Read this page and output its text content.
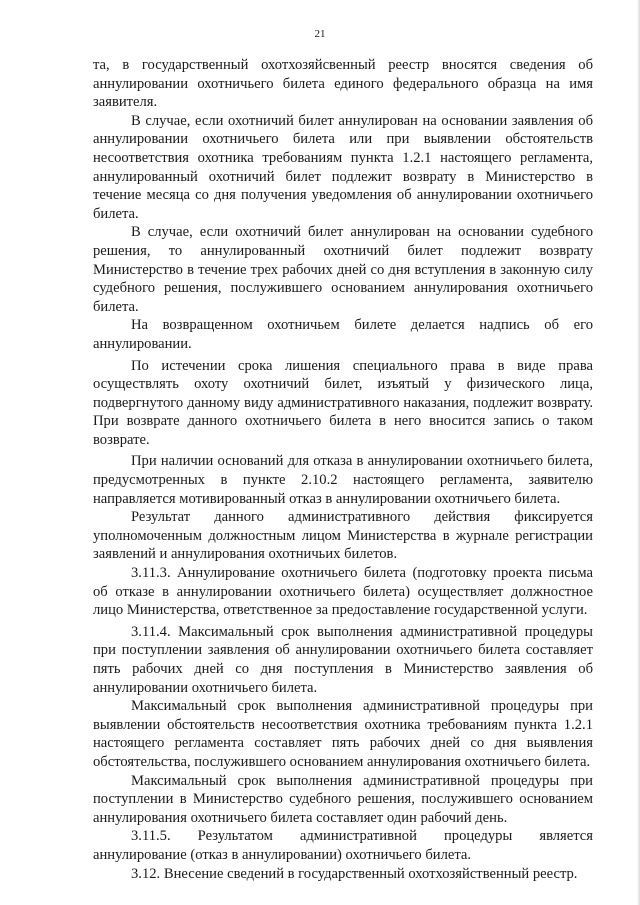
21

та, в государственный охотхозяйсвенный реестр вносятся сведения об аннулировании охотничьего билета единого федерального образца на имя заявителя.

В случае, если охотничий билет аннулирован на основании заявления об аннулировании охотничьего билета или при выявлении обстоятельств несоответствия охотника требованиям пункта 1.2.1 настоящего регламента, аннулированный охотничий билет подлежит возврату в Министерство в течение месяца со дня получения уведомления об аннулировании охотничьего билета.

В случае, если охотничий билет аннулирован на основании судебного решения, то аннулированный охотничий билет подлежит возврату Министерство в течение трех рабочих дней со дня вступления в законную силу судебного решения, послужившего основанием аннулирования охотничьего билета.

На возвращенном охотничьем билете делается надпись об его аннулировании.

По истечении срока лишения специального права в виде права осуществлять охоту охотничий билет, изъятый у физического лица, подвергнутого данному виду административного наказания, подлежит возврату. При возврате данного охотничьего билета в него вносится запись о таком возврате.

При наличии оснований для отказа в аннулировании охотничьего билета, предусмотренных в пункте 2.10.2 настоящего регламента, заявителю направляется мотивированный отказ в аннулировании охотничьего билета.

Результат данного административного действия фиксируется уполномоченным должностным лицом Министерства в журнале регистрации заявлений и аннулирования охотничьих билетов.

3.11.3. Аннулирование охотничьего билета (подготовку проекта письма об отказе в аннулировании охотничьего билета) осуществляет должностное лицо Министерства, ответственное за предоставление государственной услуги.

3.11.4. Максимальный срок выполнения административной процедуры при поступлении заявления об аннулировании охотничьего билета составляет пять рабочих дней со дня поступления в Министерство заявления об аннулировании охотничьего билета.

Максимальный срок выполнения административной процедуры при выявлении обстоятельств несоответствия охотника требованиям пункта 1.2.1 настоящего регламента составляет пять рабочих дней со дня выявления обстоятельства, послужившего основанием аннулирования охотничьего билета.

Максимальный срок выполнения административной процедуры при поступлении в Министерство судебного решения, послужившего основанием аннулирования охотничьего билета составляет один рабочий день.

3.11.5. Результатом административной процедуры является аннулирование (отказ в аннулировании) охотничьего билета.

3.12. Внесение сведений в государственный охотхозяйственный реестр.
